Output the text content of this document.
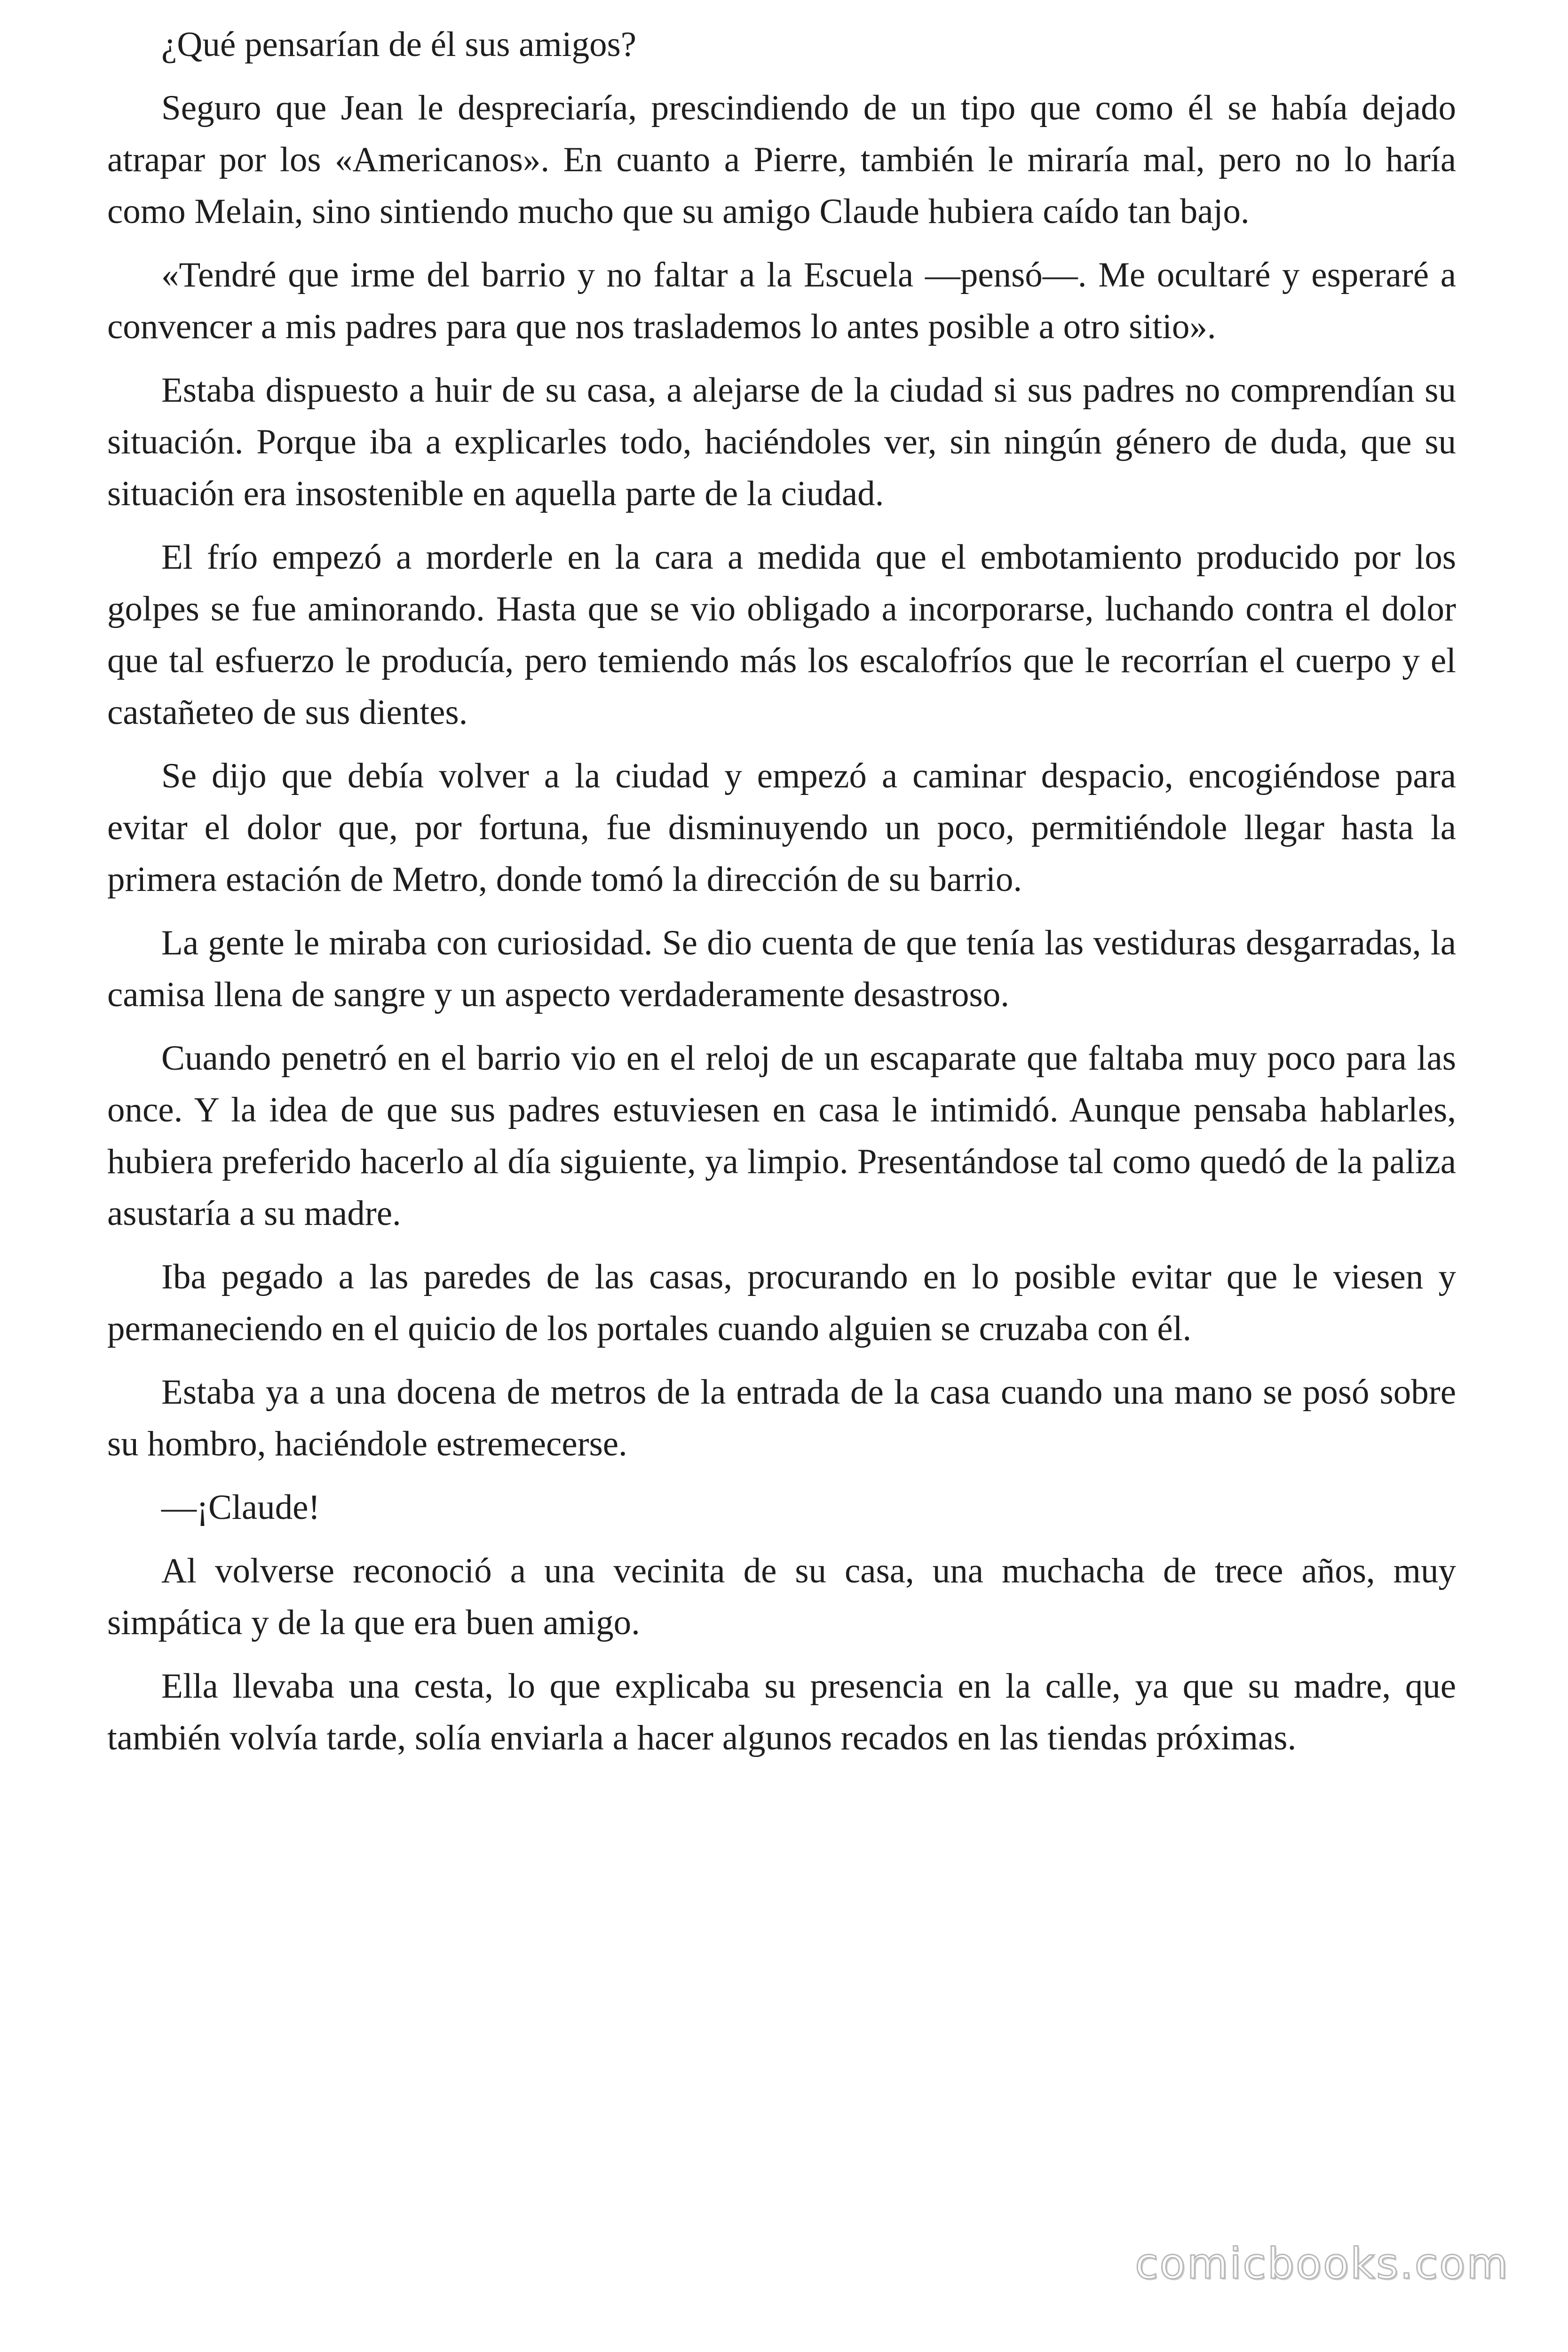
¿Qué pensarían de él sus amigos?

Seguro que Jean le despreciaría, prescindiendo de un tipo que como él se había dejado atrapar por los «Americanos». En cuanto a Pierre, también le miraría mal, pero no lo haría como Melain, sino sintiendo mucho que su amigo Claude hubiera caído tan bajo.

«Tendré que irme del barrio y no faltar a la Escuela —pensó—. Me ocultaré y esperaré a convencer a mis padres para que nos traslademos lo antes posible a otro sitio».

Estaba dispuesto a huir de su casa, a alejarse de la ciudad si sus padres no comprendían su situación. Porque iba a explicarles todo, haciéndoles ver, sin ningún género de duda, que su situación era insostenible en aquella parte de la ciudad.

El frío empezó a morderle en la cara a medida que el embotamiento producido por los golpes se fue aminorando. Hasta que se vio obligado a incorporarse, luchando contra el dolor que tal esfuerzo le producía, pero temiendo más los escalofríos que le recorrían el cuerpo y el castañeteo de sus dientes.

Se dijo que debía volver a la ciudad y empezó a caminar despacio, encogiéndose para evitar el dolor que, por fortuna, fue disminuyendo un poco, permitiéndole llegar hasta la primera estación de Metro, donde tomó la dirección de su barrio.

La gente le miraba con curiosidad. Se dio cuenta de que tenía las vestiduras desgarradas, la camisa llena de sangre y un aspecto verdaderamente desastroso.

Cuando penetró en el barrio vio en el reloj de un escaparate que faltaba muy poco para las once. Y la idea de que sus padres estuviesen en casa le intimidó. Aunque pensaba hablarles, hubiera preferido hacerlo al día siguiente, ya limpio. Presentándose tal como quedó de la paliza asustaría a su madre.

Iba pegado a las paredes de las casas, procurando en lo posible evitar que le viesen y permaneciendo en el quicio de los portales cuando alguien se cruzaba con él.

Estaba ya a una docena de metros de la entrada de la casa cuando una mano se posó sobre su hombro, haciéndole estremecerse.

—¡Claude!

Al volverse reconoció a una vecinita de su casa, una muchacha de trece años, muy simpática y de la que era buen amigo.

Ella llevaba una cesta, lo que explicaba su presencia en la calle, ya que su madre, que también volvía tarde, solía enviarla a hacer algunos recados en las tiendas próximas.

comicbooks.com
